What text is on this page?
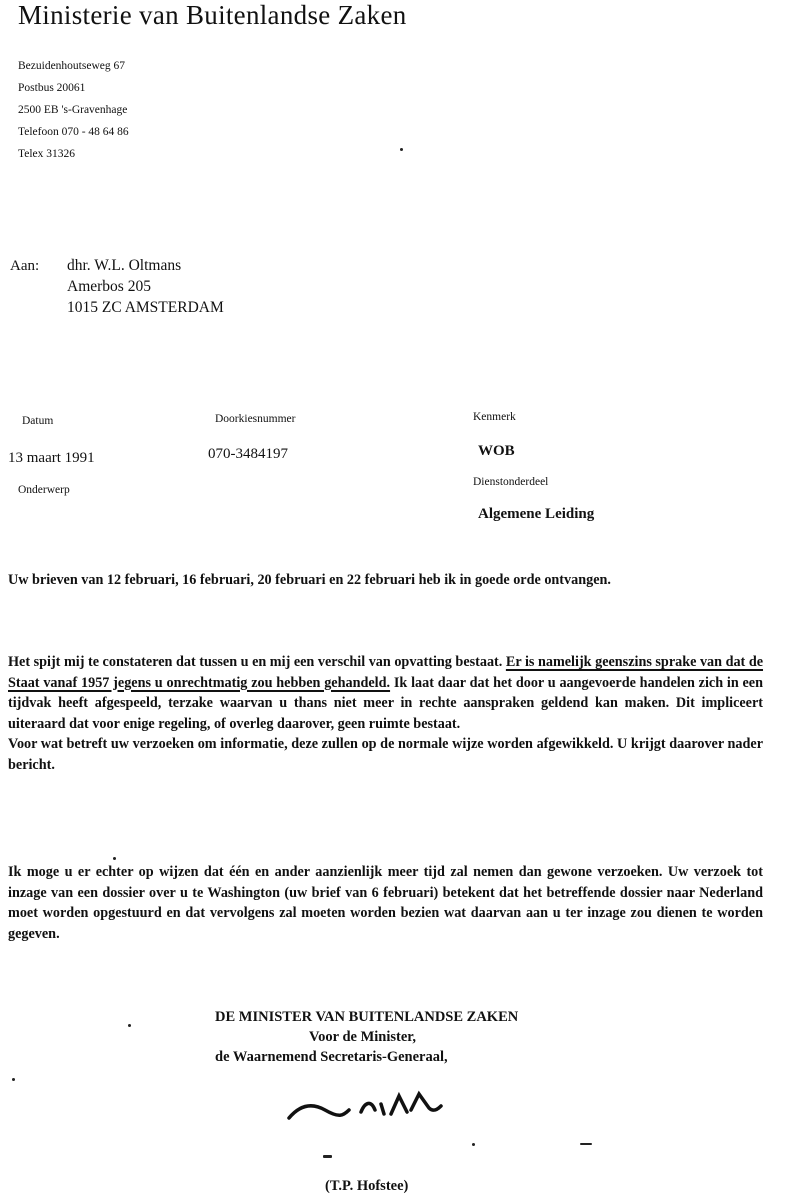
Ministerie van Buitenlandse Zaken
Bezuidenhoutseweg 67
Postbus 20061
2500 EB 's-Gravenhage
Telefoon 070 - 48 64 86
Telex 31326
Aan: dhr. W.L. Oltmans
Amerbos 205
1015 ZC AMSTERDAM
Datum
13 maart 1991
Onderwerp
Doorkiesnummer
070-3484197
Kenmerk
WOB
Dienstonderdeel
Algemene Leiding

Uw brieven van 12 februari, 16 februari, 20 februari en 22 februari heb ik in goede orde ontvangen.

Het spijt mij te constateren dat tussen u en mij een verschil van opvatting bestaat. Er is namelijk geenszins sprake van dat de Staat vanaf 1957 jegens u onrechtmatig zou hebben gehandeld. Ik laat daar dat het door u aangevoerde handelen zich in een tijdvak heeft afgespeeld, terzake waarvan u thans niet meer in rechte aanspraken geldend kan maken. Dit impliceert uiteraard dat voor enige regeling, of overleg daarover, geen ruimte bestaat.

Voor wat betreft uw verzoeken om informatie, deze zullen op de normale wijze worden afgewikkeld. U krijgt daarover nader bericht.

Ik moge u er echter op wijzen dat één en ander aanzienlijk meer tijd zal nemen dan gewone verzoeken. Uw verzoek tot inzage van een dossier over u te Washington (uw brief van 6 februari) betekent dat het betreffende dossier naar Nederland moet worden opgestuurd en dat vervolgens zal moeten worden bezien wat daarvan aan u ter inzage zou dienen te worden gegeven.

DE MINISTER VAN BUITENLANDSE ZAKEN
Voor de Minister,
de Waarnemend Secretaris-Generaal,
(T.P. Hofstee)
